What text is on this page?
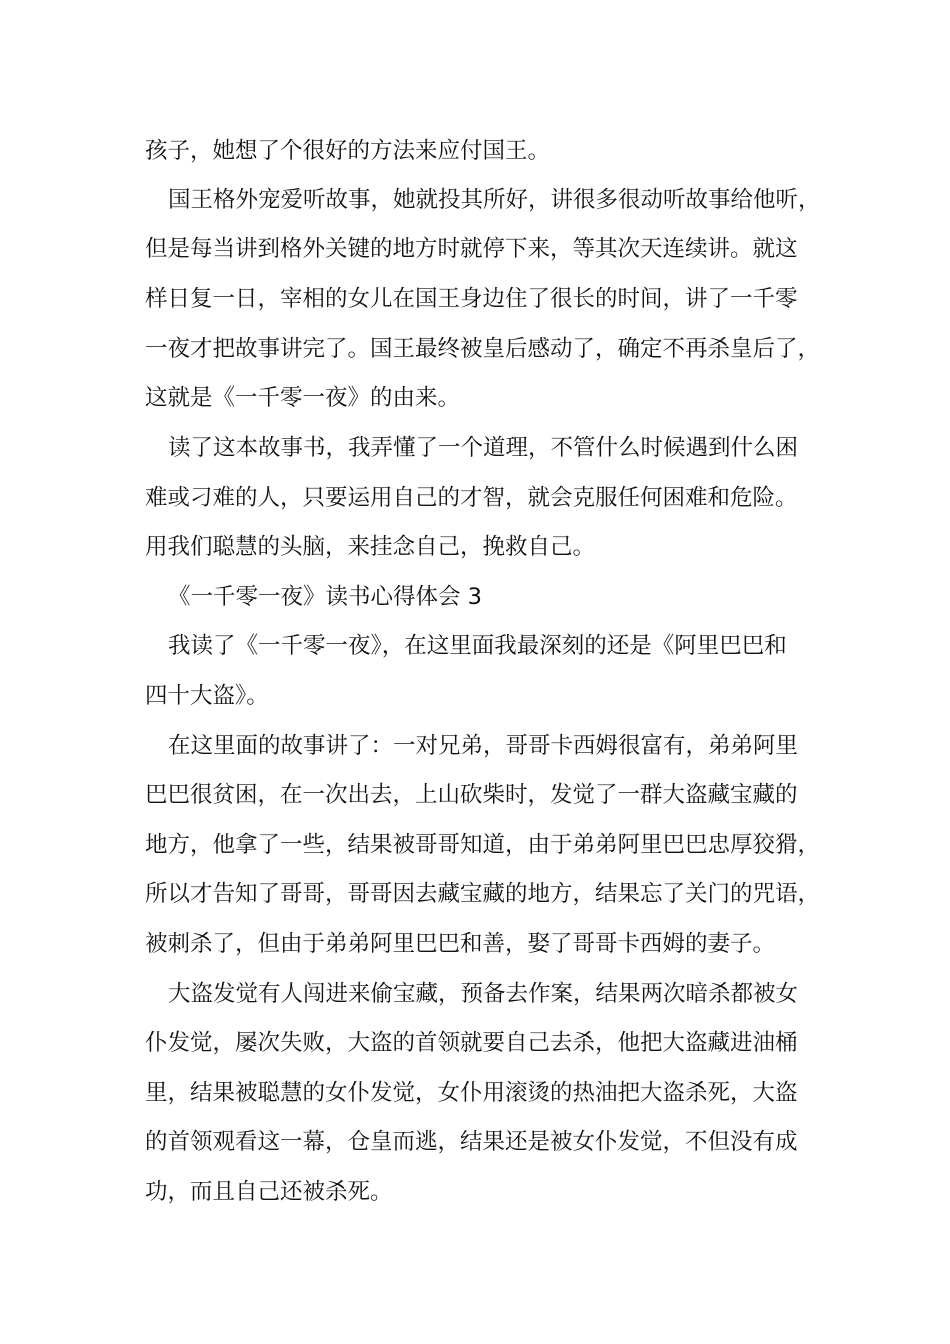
孩子，她想了个很好的方法来应付国王。
国王格外宠爱听故事，她就投其所好，讲很多很动听故事给他听，
但是每当讲到格外关键的地方时就停下来，等其次天连续讲。就这
样日复一日，宰相的女儿在国王身边住了很长的时间，讲了一千零
一夜才把故事讲完了。国王最终被皇后感动了，确定不再杀皇后了，
这就是《一千零一夜》的由来。
读了这本故事书，我弄懂了一个道理，不管什么时候遇到什么困
难或刁难的人，只要运用自己的才智，就会克服任何困难和危险。
用我们聪慧的头脑，来挂念自己，挽救自己。
《一千零一夜》读书心得体会 3
我读了《一千零一夜》，在这里面我最深刻的还是《阿里巴巴和
四十大盗》。
在这里面的故事讲了：一对兄弟，哥哥卡西姆很富有，弟弟阿里
巴巴很贫困，在一次出去，上山砍柴时，发觉了一群大盗藏宝藏的
地方，他拿了一些，结果被哥哥知道，由于弟弟阿里巴巴忠厚狡猾，
所以才告知了哥哥，哥哥因去藏宝藏的地方，结果忘了关门的咒语，
被刺杀了，但由于弟弟阿里巴巴和善，娶了哥哥卡西姆的妻子。
大盗发觉有人闯进来偷宝藏，预备去作案，结果两次暗杀都被女
仆发觉，屡次失败，大盗的首领就要自己去杀，他把大盗藏进油桶
里，结果被聪慧的女仆发觉，女仆用滚烫的热油把大盗杀死，大盗
的首领观看这一幕，仓皇而逃，结果还是被女仆发觉，不但没有成
功，而且自己还被杀死。
